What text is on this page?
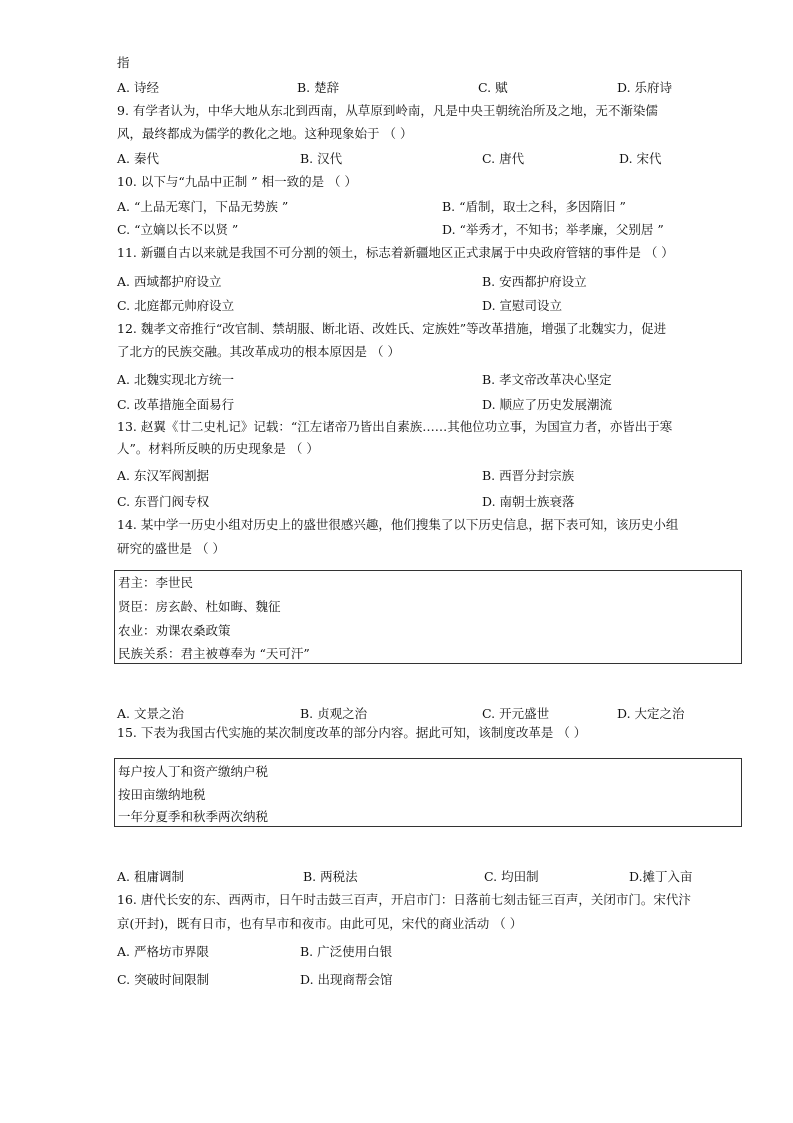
指
A. 诗经	B. 楚辞	C. 赋	D. 乐府诗
9. 有学者认为，中华大地从东北到西南，从草原到岭南，凡是中央王朝统治所及之地，无不渐染儒
风，最终都成为儒学的教化之地。这种现象始于 （ ）
A. 秦代	B. 汉代	C. 唐代	D. 宋代
10. 以下与“九品中正制 ” 相一致的是 （ ）
A. “上品无寒门，下品无势族 ”	B. “盾制，取士之科，多因隋旧 ”
C. “立嫡以长不以贤 ”	D. “举秀才，不知书；举孝廉，父别居 ”
11. 新疆自古以来就是我国不可分割的领土，标志着新疆地区正式隶属于中央政府管辖的事件是 （ ）
A. 西域都护府设立	B. 安西都护府设立
C. 北庭都元帅府设立	D. 宣慰司设立
12. 魏孝文帝推行“改官制、禁胡服、断北语、改姓氏、定族姓”等改革措施，增强了北魏实力，促进
了北方的民族交融。其改革成功的根本原因是 （ ）
A. 北魏实现北方统一	B. 孝文帝改革决心坚定
C. 改革措施全面易行	D. 顺应了历史发展潮流
13. 赵翼《廿二史札记》记载：“江左诸帝乃皆出自素族……其他位功立事，为国宣力者，亦皆出于寒
人”。材料所反映的历史现象是 （ ）
A. 东汉军阀割据	B. 西晋分封宗族
C. 东晋门阀专权	D. 南朝士族衰落
14. 某中学一历史小组对历史上的盛世很感兴趣，他们搜集了以下历史信息，据下表可知，该历史小组
研究的盛世是 （ ）
君主：李世民
贤臣：房玄龄、杜如晦、魏征
农业：劝课农桑政策
民族关系：君主被尊奉为 “天可汗”
A. 文景之治	B. 贞观之治	C. 开元盛世	D. 大定之治
15. 下表为我国古代实施的某次制度改革的部分内容。据此可知，该制度改革是 （ ）
每户按人丁和资产缴纳户税
按田亩缴纳地税
一年分夏季和秋季两次纳税
A. 租庸调制	B. 两税法	C. 均田制	D.摊丁入亩
16. 唐代长安的东、西两市，日午时击鼓三百声，开启市门：日落前七刻击钲三百声，关闭市门。宋代汴
京(开封)，既有日市，也有早市和夜市。由此可见，宋代的商业活动 （ ）
A. 严格坊市界限	B. 广泛使用白银
C. 突破时间限制	D. 出现商帮会馆
